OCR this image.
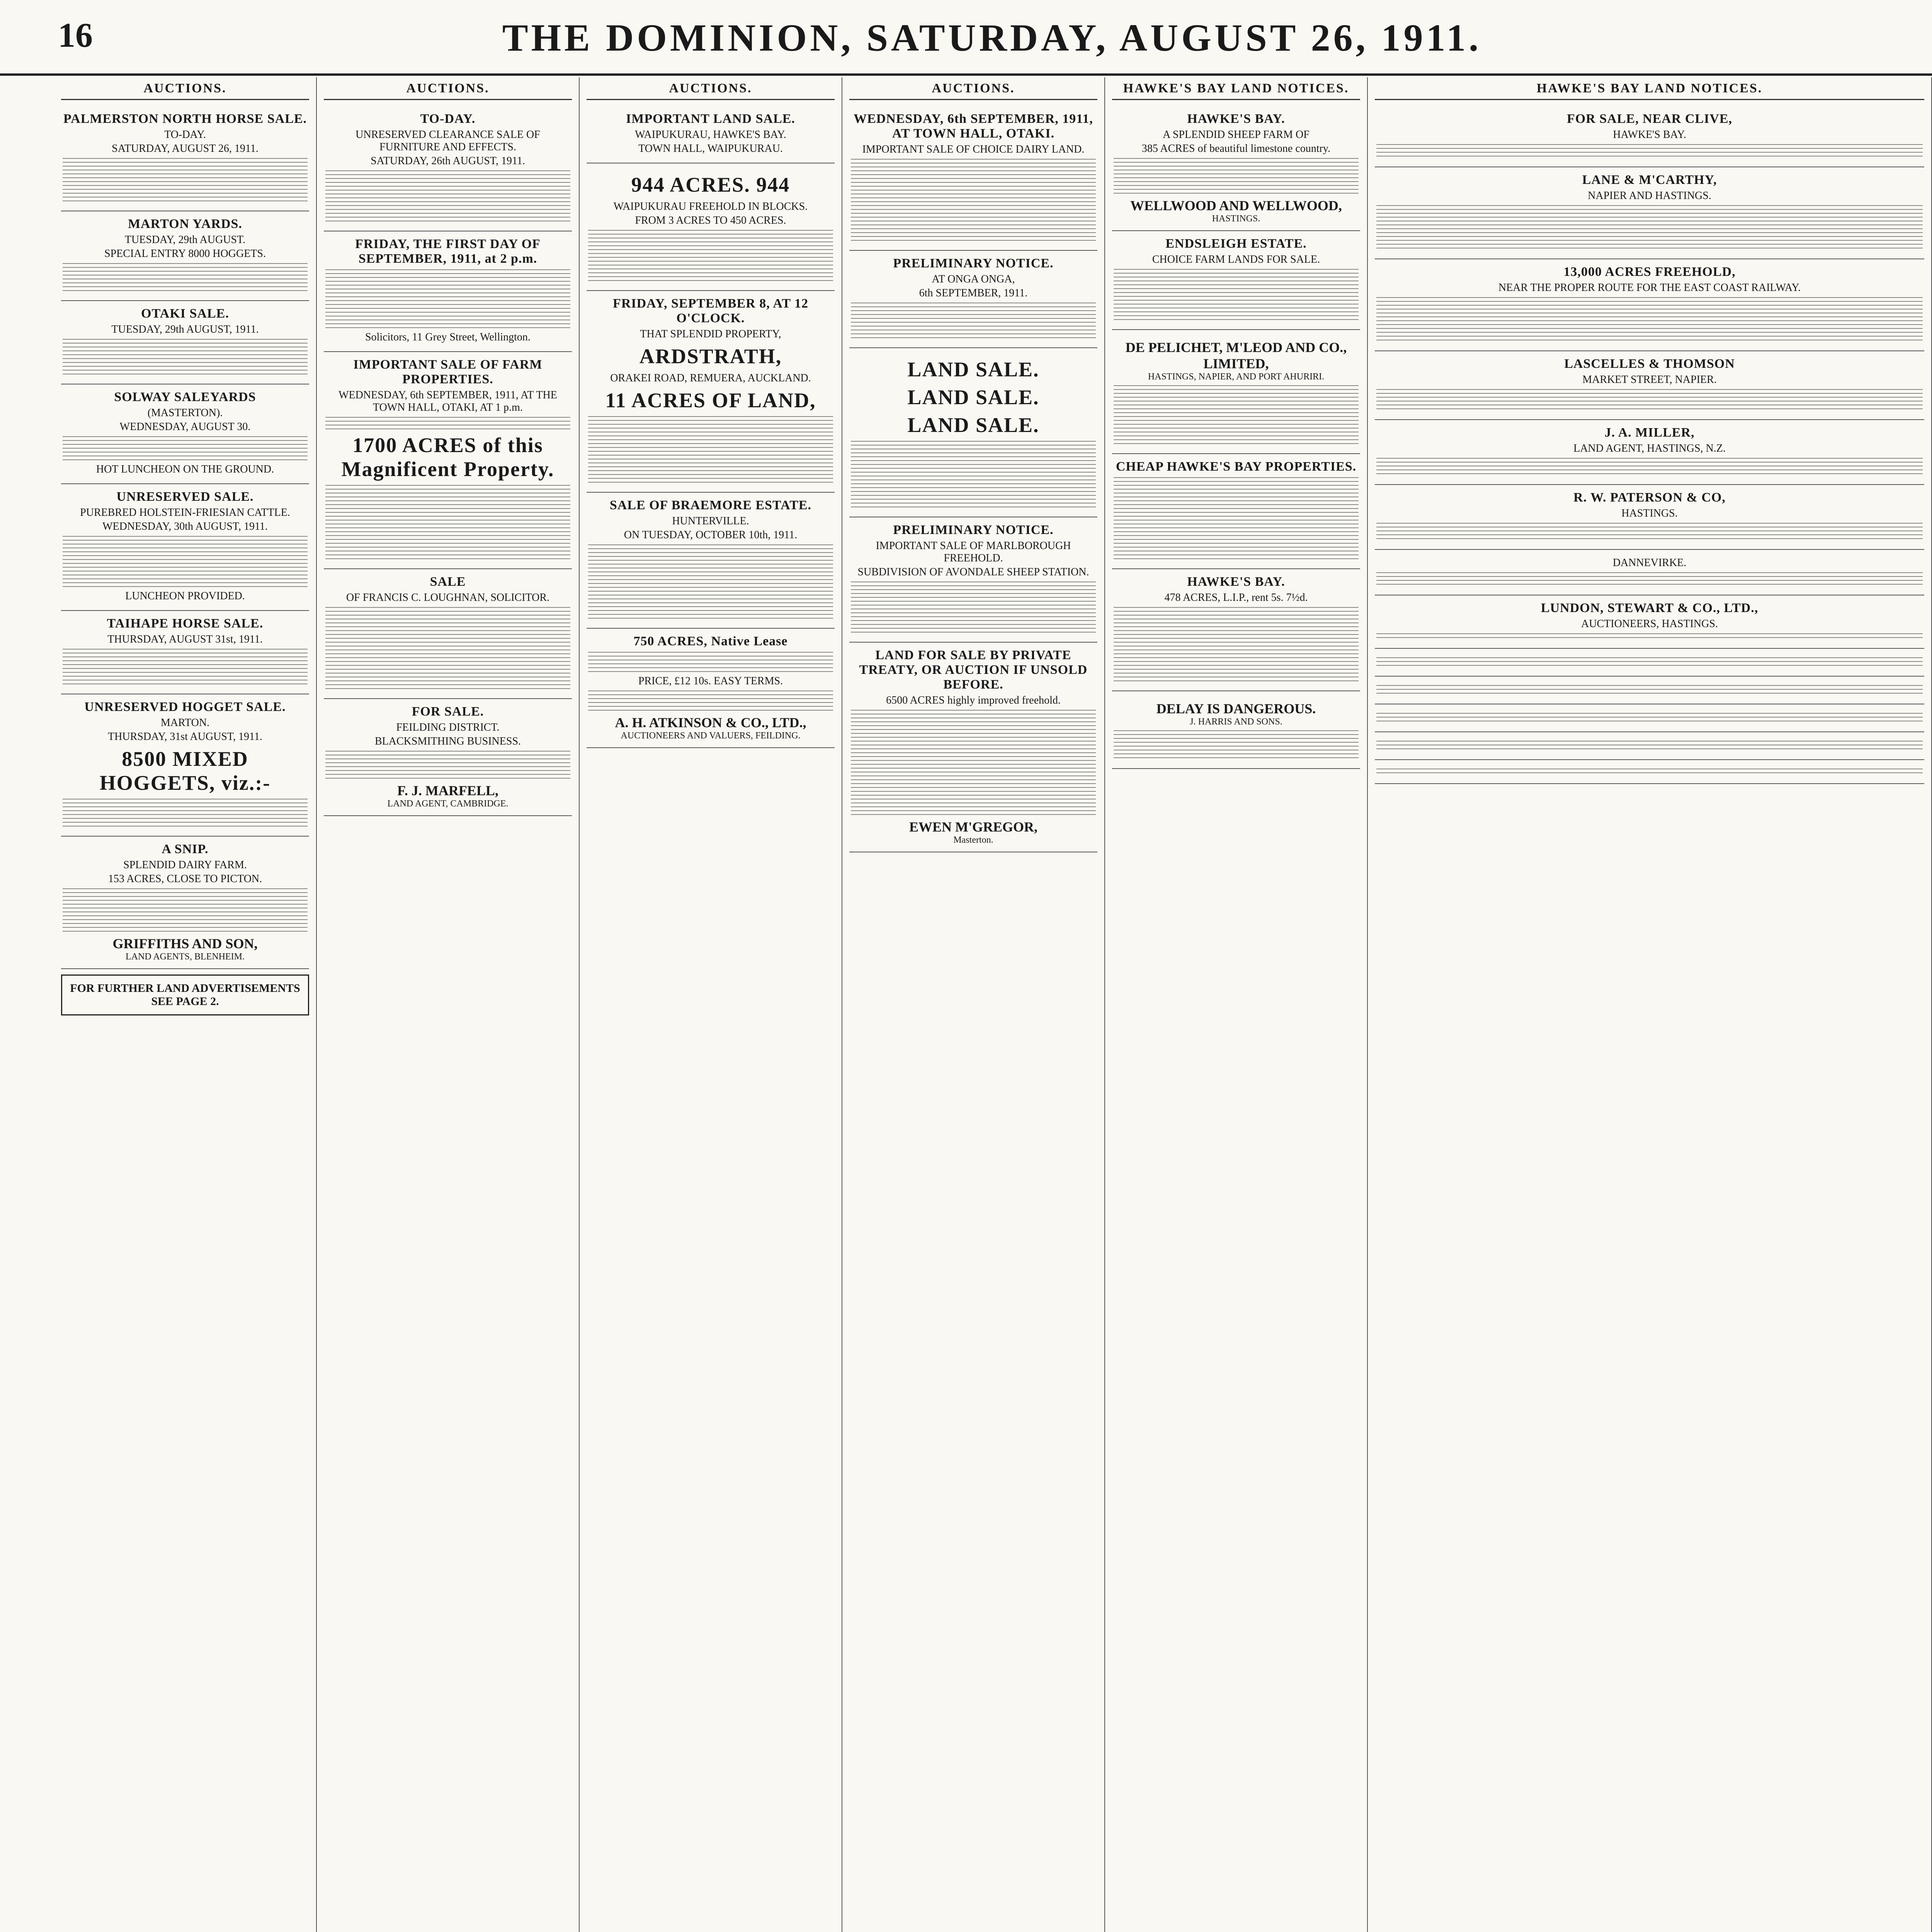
16	THE DOMINION, SATURDAY, AUGUST 26, 1911.
AUCTIONS.
PALMERSTON NORTH HORSE SALE.
TO-DAY.
SATURDAY, AUGUST 26, 1911.
MARTON YARDS.
TUESDAY, 29th AUGUST.
SPECIAL ENTRY 8000 HOGGETS.
OTAKI SALE.
TUESDAY, 29th AUGUST, 1911.
SOLWAY SALEYARDS
(MASTERTON).
WEDNESDAY, AUGUST 30.
HOT LUNCHEON ON THE GROUND.
UNRESERVED SALE.
PUREBRED HOLSTEIN-FRIESIAN CATTLE.
WEDNESDAY, 30th AUGUST, 1911.
LUNCHEON PROVIDED.
TAIHAPE HORSE SALE.
THURSDAY, AUGUST 31st, 1911.
UNRESERVED HOGGET SALE.
MARTON.
THURSDAY, 31st AUGUST, 1911.
8500 MIXED HOGGETS, viz.:-
A SNIP.
SPLENDID DAIRY FARM.
153 ACRES, CLOSE TO PICTON.
GRIFFITHS AND SON,
LAND AGENTS, BLENHEIM.
FOR FURTHER LAND ADVERTISEMENTS SEE PAGE 2.
AUCTIONS.
TO-DAY.
UNRESERVED CLEARANCE SALE OF FURNITURE AND EFFECTS.
SATURDAY, 26th AUGUST, 1911.
FRIDAY, THE FIRST DAY OF SEPTEMBER, 1911, at 2 p.m.
Solicitors, 11 Grey Street, Wellington.
IMPORTANT SALE OF FARM PROPERTIES.
WEDNESDAY, 6th SEPTEMBER, 1911, AT THE TOWN HALL, OTAKI, AT 1 p.m.
1700 ACRES of this Magnificent Property.
SALE
OF FRANCIS C. LOUGHNAN, SOLICITOR.
FOR SALE.
FEILDING DISTRICT.
BLACKSMITHING BUSINESS.
F. J. MARFELL,
LAND AGENT, CAMBRIDGE.
AUCTIONS.
IMPORTANT LAND SALE.
WAIPUKURAU, HAWKE'S BAY.
TOWN HALL, WAIPUKURAU.
944 ACRES. 944
WAIPUKURAU FREEHOLD IN BLOCKS.
FROM 3 ACRES TO 450 ACRES.
FRIDAY, SEPTEMBER 8, AT 12 O'CLOCK.
THAT SPLENDID PROPERTY,
ARDSTRATH,
ORAKEI ROAD, REMUERA, AUCKLAND.
11 ACRES OF LAND,
SALE OF BRAEMORE ESTATE.
HUNTERVILLE.
ON TUESDAY, OCTOBER 10th, 1911.
750 ACRES, Native Lease
PRICE, £12 10s. EASY TERMS.
A. H. ATKINSON & CO., LTD.,
AUCTIONEERS AND VALUERS, FEILDING.
AUCTIONS.
WEDNESDAY, 6th SEPTEMBER, 1911, AT TOWN HALL, OTAKI.
IMPORTANT SALE OF CHOICE DAIRY LAND.
PRELIMINARY NOTICE.
AT ONGA ONGA,
6th SEPTEMBER, 1911.
LAND SALE.
LAND SALE.
LAND SALE.
PRELIMINARY NOTICE.
IMPORTANT SALE OF MARLBOROUGH FREEHOLD.
SUBDIVISION OF AVONDALE SHEEP STATION.
LAND FOR SALE BY PRIVATE TREATY, OR AUCTION IF UNSOLD BEFORE.
6500 ACRES highly improved freehold.
EWEN M'GREGOR,
Masterton.
HAWKE'S BAY LAND NOTICES.
HAWKE'S BAY.
A SPLENDID SHEEP FARM OF
385 ACRES of beautiful limestone country.
WELLWOOD AND WELLWOOD,
HASTINGS.
ENDSLEIGH ESTATE.
CHOICE FARM LANDS FOR SALE.
DE PELICHET, M'LEOD AND CO., LIMITED,
HASTINGS, NAPIER, AND PORT AHURIRI.
CHEAP HAWKE'S BAY PROPERTIES.
HAWKE'S BAY.
478 ACRES, L.I.P., rent 5s. 7½d.
DELAY IS DANGEROUS.
J. HARRIS AND SONS.
HAWKE'S BAY LAND NOTICES.
FOR SALE, NEAR CLIVE,
HAWKE'S BAY.
LANE & M'CARTHY,
NAPIER AND HASTINGS.
13,000 ACRES FREEHOLD,
NEAR THE PROPER ROUTE FOR THE EAST COAST RAILWAY.
LASCELLES & THOMSON
MARKET STREET, NAPIER.
J. A. MILLER,
LAND AGENT, HASTINGS, N.Z.
R. W. PATERSON & CO,
HASTINGS.
DANNEVIRKE.
LUNDON, STEWART & CO., LTD.,
AUCTIONEERS, HASTINGS.
